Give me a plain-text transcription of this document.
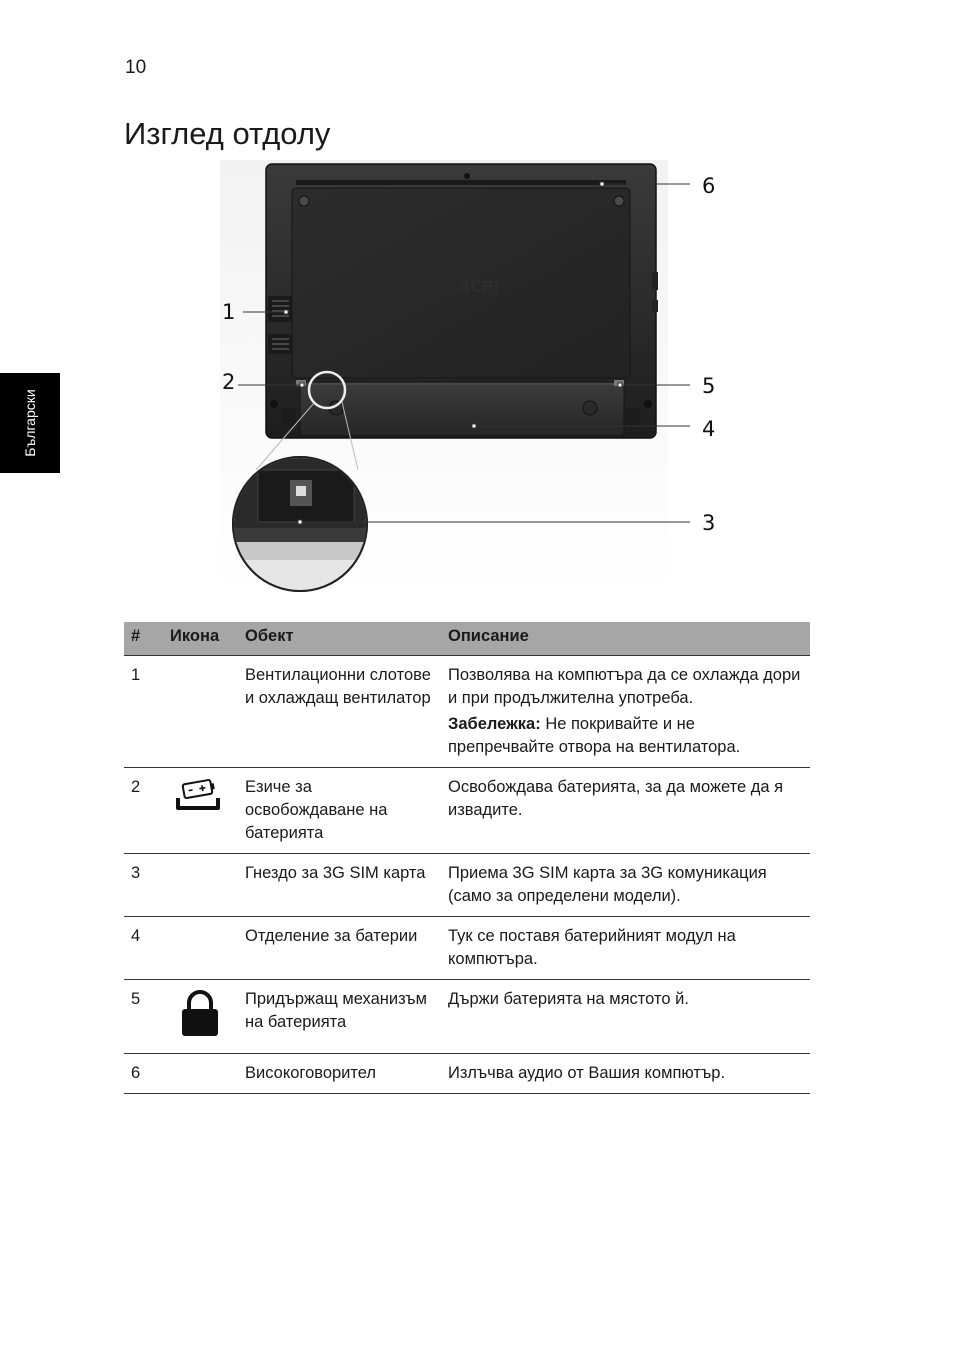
10
Изглед отдолу
Български
acer
1
2
3
4
5
6
#	Икона	Обект	Описание
1		Вентилационни слотове и охлаждащ вентилатор	Позволява на компютъра да се охлажда дори и при продължителна употреба.
Забележка: Не покривайте и не препречвайте отвора на вентилатора.

2		Езиче за освобождаване на батерията	Освобождава батерията, за да можете да я извадите.
3		Гнездо за 3G SIM карта	Приема 3G SIM карта за 3G комуникация (само за определени модели).
4		Отделение за батерии	Тук се поставя батерийният модул на компютъра.
5		Придържащ механизъм на батерията	Държи батерията на мястото й.
6		Високоговорител	Излъчва аудио от Вашия компютър.
